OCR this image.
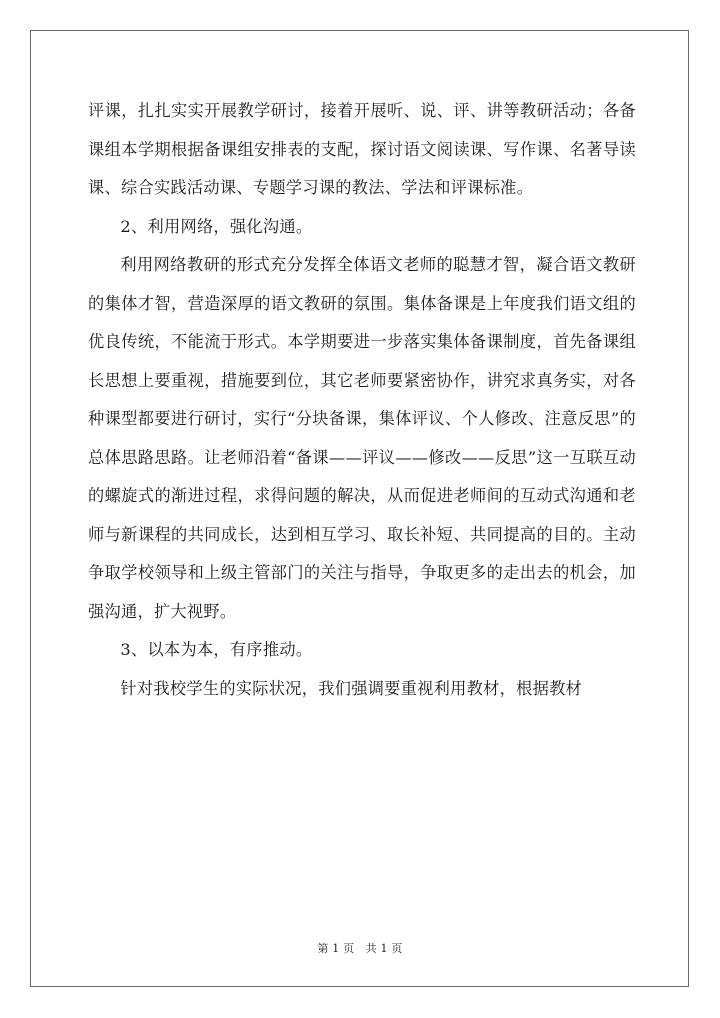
评课，扎扎实实开展教学研讨，接着开展听、说、评、讲等教研活动；各备课组本学期根据备课组安排表的支配，探讨语文阅读课、写作课、名著导读课、综合实践活动课、专题学习课的教法、学法和评课标准。

2、利用网络，强化沟通。

利用网络教研的形式充分发挥全体语文老师的聪慧才智，凝合语文教研的集体才智，营造深厚的语文教研的氛围。集体备课是上年度我们语文组的优良传统，不能流于形式。本学期要进一步落实集体备课制度，首先备课组长思想上要重视，措施要到位，其它老师要紧密协作，讲究求真务实，对各种课型都要进行研讨，实行“分块备课，集体评议、个人修改、注意反思”的总体思路思路。让老师沿着“备课——评议——修改——反思”这一互联互动的螺旋式的渐进过程，求得问题的解决，从而促进老师间的互动式沟通和老师与新课程的共同成长，达到相互学习、取长补短、共同提高的目的。主动争取学校领导和上级主管部门的关注与指导，争取更多的走出去的机会，加强沟通，扩大视野。

3、以本为本，有序推动。

针对我校学生的实际状况，我们强调要重视利用教材，根据教材

第 1 页　共 1 页
